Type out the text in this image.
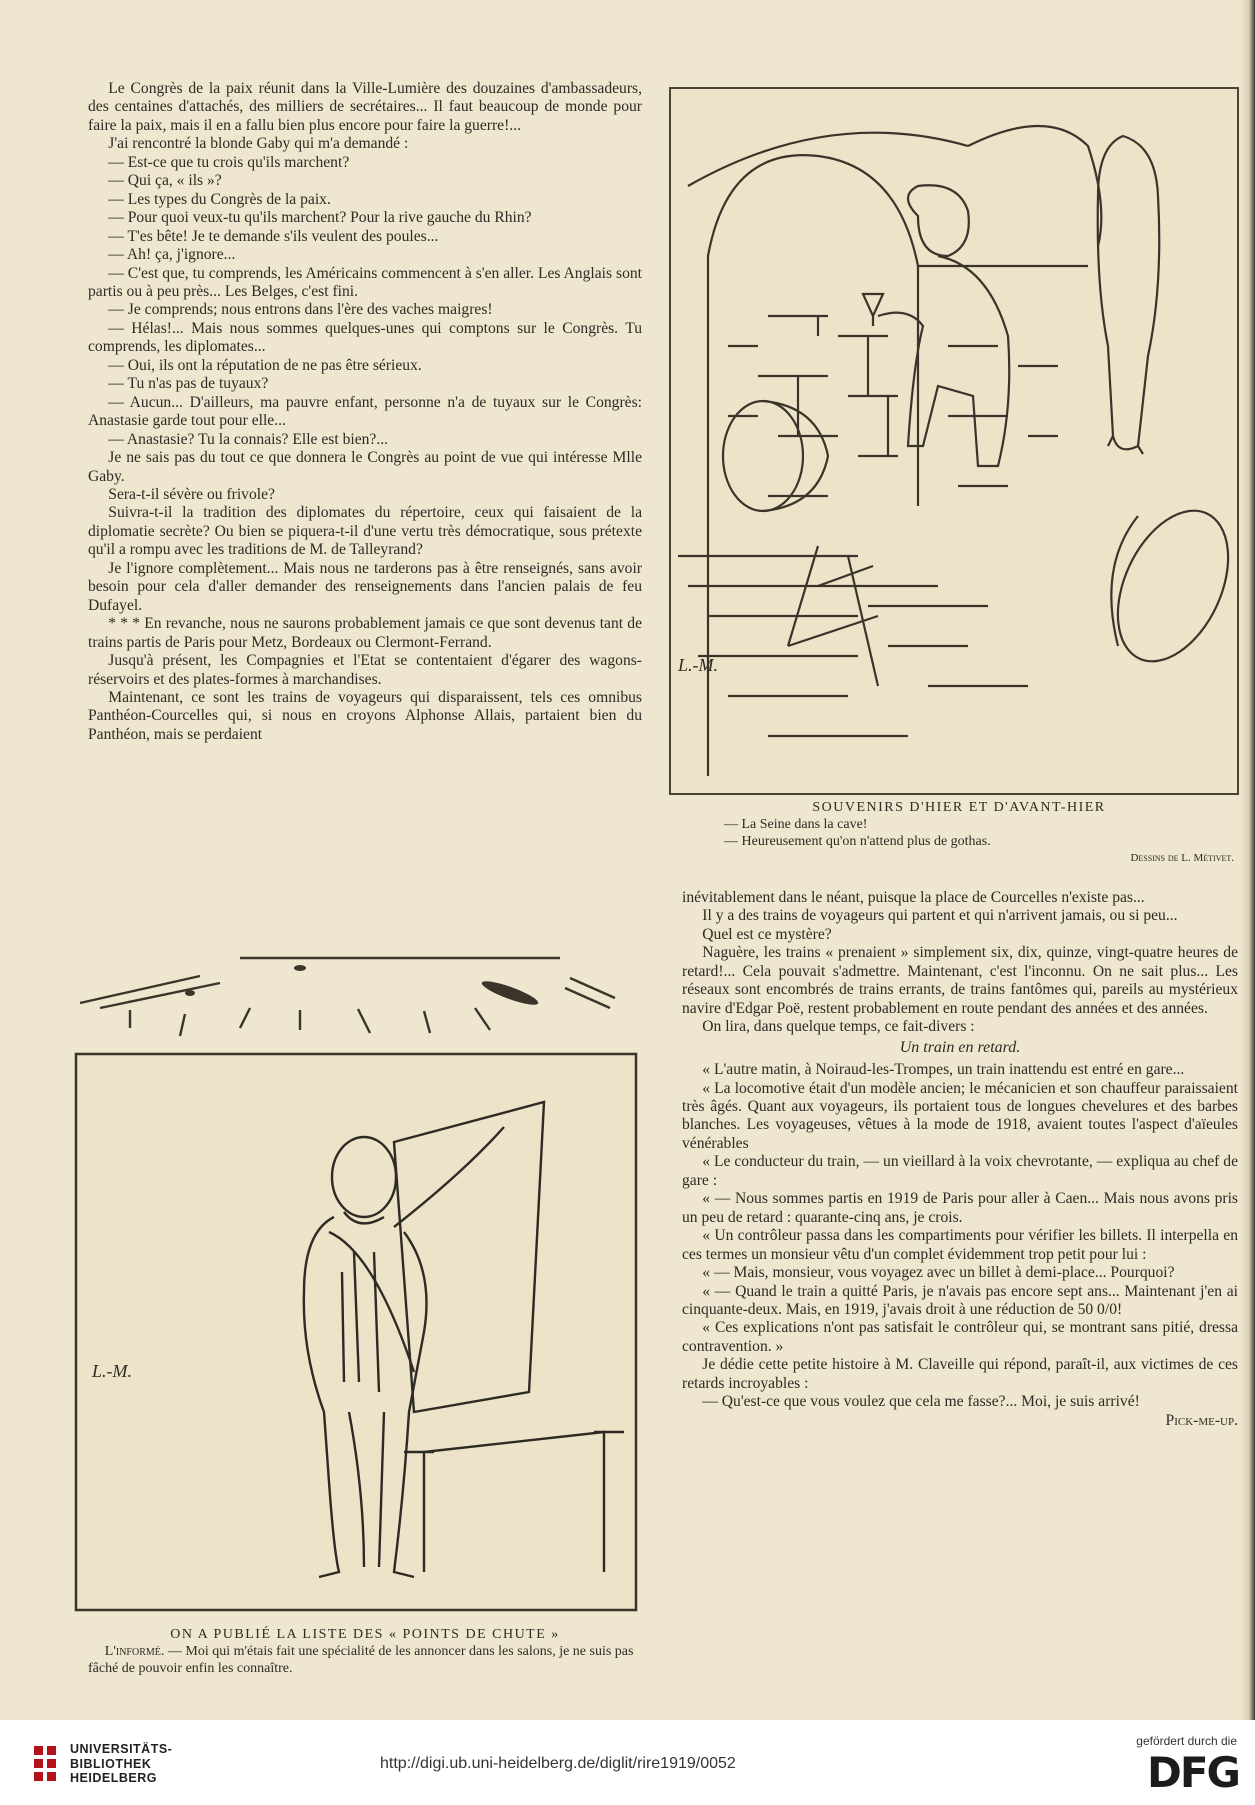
Le Congrès de la paix réunit dans la Ville-Lumière des douzaines d'ambassadeurs, des centaines d'attachés, des milliers de secrétaires... Il faut beaucoup de monde pour faire la paix, mais il en a fallu bien plus encore pour faire la guerre!...

J'ai rencontré la blonde Gaby qui m'a demandé :

— Est-ce que tu crois qu'ils marchent?

— Qui ça, « ils »?

— Les types du Congrès de la paix.

— Pour quoi veux-tu qu'ils marchent? Pour la rive gauche du Rhin?

— T'es bête! Je te demande s'ils veulent des poules...

— Ah! ça, j'ignore...

— C'est que, tu comprends, les Américains commencent à s'en aller. Les Anglais sont partis ou à peu près... Les Belges, c'est fini.

— Je comprends; nous entrons dans l'ère des vaches maigres!

— Hélas!... Mais nous sommes quelques-unes qui comptons sur le Congrès. Tu comprends, les diplomates...

— Oui, ils ont la réputation de ne pas être sérieux.

— Tu n'as pas de tuyaux?

— Aucun... D'ailleurs, ma pauvre enfant, personne n'a de tuyaux sur le Congrès: Anastasie garde tout pour elle...

— Anastasie? Tu la connais? Elle est bien?...

Je ne sais pas du tout ce que donnera le Congrès au point de vue qui intéresse Mlle Gaby.

Sera-t-il sévère ou frivole?

Suivra-t-il la tradition des diplomates du répertoire, ceux qui faisaient de la diplomatie secrète? Ou bien se piquera-t-il d'une vertu très démocratique, sous prétexte qu'il a rompu avec les traditions de M. de Talleyrand?

Je l'ignore complètement... Mais nous ne tarderons pas à être renseignés, sans avoir besoin pour cela d'aller demander des renseignements dans l'ancien palais de feu Dufayel.

* * * En revanche, nous ne saurons probablement jamais ce que sont devenus tant de trains partis de Paris pour Metz, Bordeaux ou Clermont-Ferrand.

Jusqu'à présent, les Compagnies et l'Etat se contentaient d'égarer des wagons-réservoirs et des plates-formes à marchandises.

Maintenant, ce sont les trains de voyageurs qui disparaissent, tels ces omnibus Panthéon-Courcelles qui, si nous en croyons Alphonse Allais, partaient bien du Panthéon, mais se perdaient

L.-M.
SOUVENIRS D'HIER ET D'AVANT-HIER
— La Seine dans la cave!
— Heureusement qu'on n'attend plus de gothas.
Dessins de L. Métivet.
L.-M.
ON A PUBLIÉ LA LISTE DES « POINTS DE CHUTE »
L'informé. — Moi qui m'étais fait une spécialité de les annoncer dans les salons, je ne suis pas fâché de pouvoir enfin les connaître.

inévitablement dans le néant, puisque la place de Courcelles n'existe pas...

Il y a des trains de voyageurs qui partent et qui n'arrivent jamais, ou si peu...

Quel est ce mystère?

Naguère, les trains « prenaient » simplement six, dix, quinze, vingt-quatre heures de retard!... Cela pouvait s'admettre. Maintenant, c'est l'inconnu. On ne sait plus... Les réseaux sont encombrés de trains errants, de trains fantômes qui, pareils au mystérieux navire d'Edgar Poë, restent probablement en route pendant des années et des années.

On lira, dans quelque temps, ce fait-divers :

Un train en retard.

« L'autre matin, à Noiraud-les-Trompes, un train inattendu est entré en gare...

« La locomotive était d'un modèle ancien; le mécanicien et son chauffeur paraissaient très âgés. Quant aux voyageurs, ils portaient tous de longues chevelures et des barbes blanches. Les voyageuses, vêtues à la mode de 1918, avaient toutes l'aspect d'aïeules vénérables

« Le conducteur du train, — un vieillard à la voix chevrotante, — expliqua au chef de gare :

« — Nous sommes partis en 1919 de Paris pour aller à Caen... Mais nous avons pris un peu de retard : quarante-cinq ans, je crois.

« Un contrôleur passa dans les compartiments pour vérifier les billets. Il interpella en ces termes un monsieur vêtu d'un complet évidemment trop petit pour lui :

« — Mais, monsieur, vous voyagez avec un billet à demi-place... Pourquoi?

« — Quand le train a quitté Paris, je n'avais pas encore sept ans... Maintenant j'en ai cinquante-deux. Mais, en 1919, j'avais droit à une réduction de 50 0/0!

« Ces explications n'ont pas satisfait le contrôleur qui, se montrant sans pitié, dressa contravention. »

Je dédie cette petite histoire à M. Claveille qui répond, paraît-il, aux victimes de ces retards incroyables :

— Qu'est-ce que vous voulez que cela me fasse?... Moi, je suis arrivé!

Pick-me-up.

UNIVERSITÄTS-
BIBLIOTHEK
HEIDELBERG
http://digi.ub.uni-heidelberg.de/diglit/rire1919/0052
gefördert durch die
DFG
